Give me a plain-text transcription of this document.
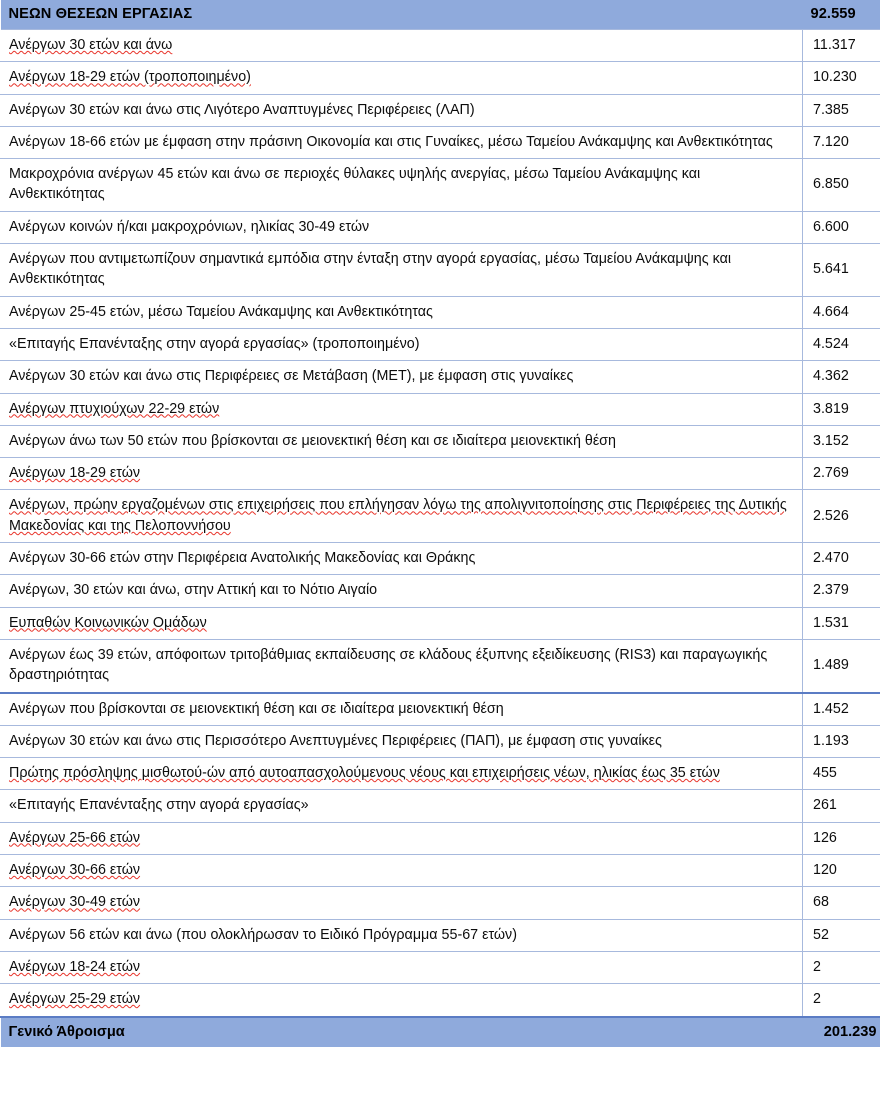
ΝΕΩΝ ΘΕΣΕΩΝ ΕΡΓΑΣΙΑΣ	92.559
Ανέργων 30 ετών και άνω	11.317
Ανέργων 18-29 ετών (τροποποιημένο)	10.230
Ανέργων 30 ετών και άνω στις Λιγότερο Αναπτυγμένες Περιφέρειες (ΛΑΠ)	7.385
Ανέργων 18-66 ετών με έμφαση στην πράσινη Οικονομία και στις Γυναίκες, μέσω Ταμείου Ανάκαμψης και Ανθεκτικότητας	7.120
Μακροχρόνια ανέργων 45 ετών και άνω σε περιοχές θύλακες υψηλής ανεργίας, μέσω Ταμείου Ανάκαμψης και Ανθεκτικότητας	6.850
Ανέργων κοινών ή/και μακροχρόνιων, ηλικίας 30-49 ετών	6.600
Ανέργων που αντιμετωπίζουν σημαντικά εμπόδια στην ένταξη στην αγορά εργασίας, μέσω Ταμείου Ανάκαμψης και Ανθεκτικότητας	5.641
Ανέργων 25-45 ετών, μέσω Ταμείου Ανάκαμψης και Ανθεκτικότητας	4.664
«Επιταγής Επανένταξης στην αγορά εργασίας» (τροποποιημένο)	4.524
Ανέργων 30 ετών και άνω στις Περιφέρειες σε Μετάβαση (ΜΕΤ), με έμφαση στις γυναίκες	4.362
Ανέργων πτυχιούχων 22-29 ετών	3.819
Ανέργων άνω των 50 ετών που βρίσκονται σε μειονεκτική θέση και σε ιδιαίτερα μειονεκτική θέση	3.152
Ανέργων 18-29 ετών	2.769
Ανέργων, πρώην εργαζομένων στις επιχειρήσεις που επλήγησαν λόγω της απολιγνιτοποίησης στις Περιφέρειες της Δυτικής Μακεδονίας και της Πελοποννήσου	2.526
Ανέργων 30-66 ετών στην Περιφέρεια Ανατολικής Μακεδονίας και Θράκης	2.470
Ανέργων, 30 ετών και άνω, στην Αττική και το Νότιο Αιγαίο	2.379
Ευπαθών Κοινωνικών Ομάδων	1.531
Ανέργων έως 39 ετών, απόφοιτων τριτοβάθμιας εκπαίδευσης σε κλάδους έξυπνης εξειδίκευσης (RIS3) και παραγωγικής δραστηριότητας	1.489
Ανέργων που βρίσκονται σε μειονεκτική θέση και σε ιδιαίτερα μειονεκτική θέση	1.452
Ανέργων 30 ετών και άνω στις Περισσότερο Ανεπτυγμένες Περιφέρειες (ΠΑΠ), με έμφαση στις γυναίκες	1.193
Πρώτης πρόσληψης μισθωτού-ών από αυτοαπασχολούμενους νέους και επιχειρήσεις νέων, ηλικίας έως 35 ετών	455
«Επιταγής Επανένταξης στην αγορά εργασίας»	261
Ανέργων 25-66 ετών	126
Ανέργων 30-66 ετών	120
Ανέργων 30-49 ετών	68
Ανέργων 56 ετών και άνω (που ολοκλήρωσαν το Ειδικό Πρόγραμμα 55-67 ετών)	52
Ανέργων 18-24 ετών	2
Ανέργων 25-29 ετών	2
Γενικό Άθροισμα	201.239
